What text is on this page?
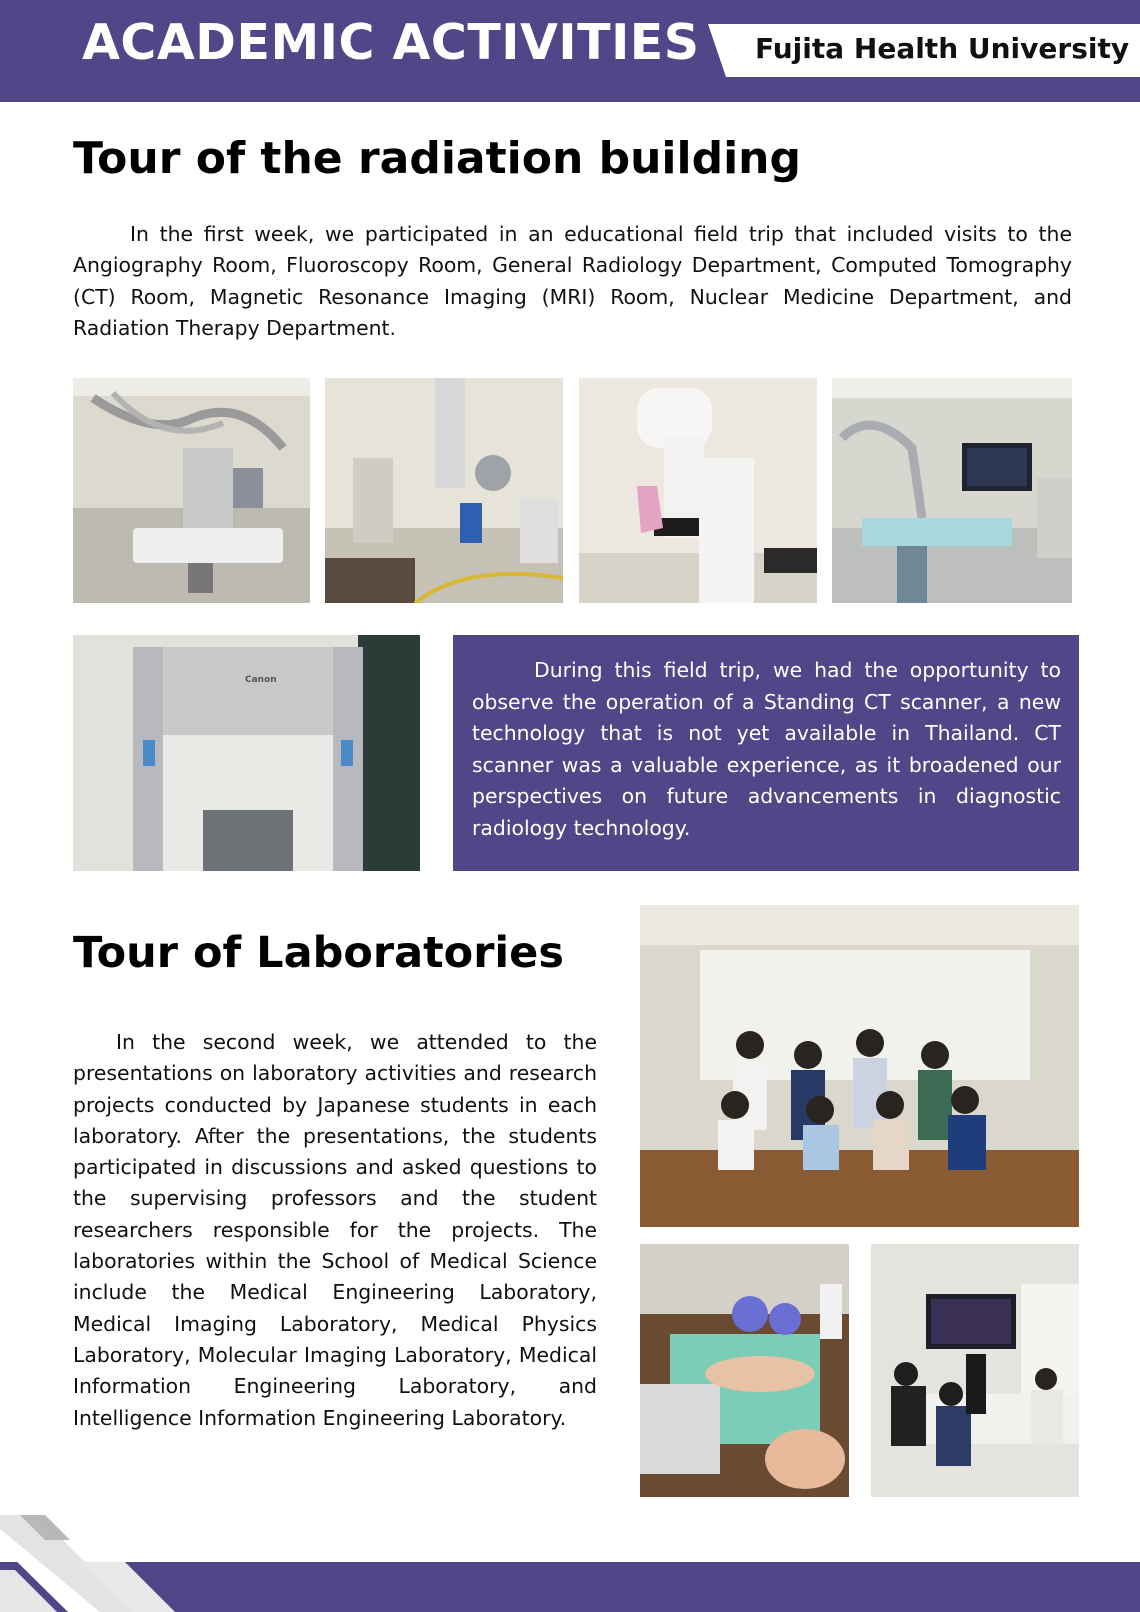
ACADEMIC ACTIVITIES Fujita Health University
Tour of the radiation building

In the first week, we participated in an educational field trip that included visits to the Angiography Room, Fluoroscopy Room, General Radiology Department, Computed Tomography (CT) Room, Magnetic Resonance Imaging (MRI) Room, Nuclear Medicine Department, and Radiation Therapy Department.

Canon	During this field trip, we had the opportunity to observe the operation of a Standing CT scanner, a new technology that is not yet available in Thailand. CT scanner was a valuable experience, as it broadened our perspectives on future advancements in diagnostic radiology technology.

Tour of Laboratories

In the second week, we attended to the presentations on laboratory activities and research projects conducted by Japanese students in each laboratory. After the presentations, the students participated in discussions and asked questions to the supervising professors and the student researchers responsible for the projects. The laboratories within the School of Medical Science include the Medical Engineering Laboratory, Medical Imaging Laboratory, Medical Physics Laboratory, Molecular Imaging Laboratory, Medical Information Engineering Laboratory, and Intelligence Information Engineering Laboratory.
